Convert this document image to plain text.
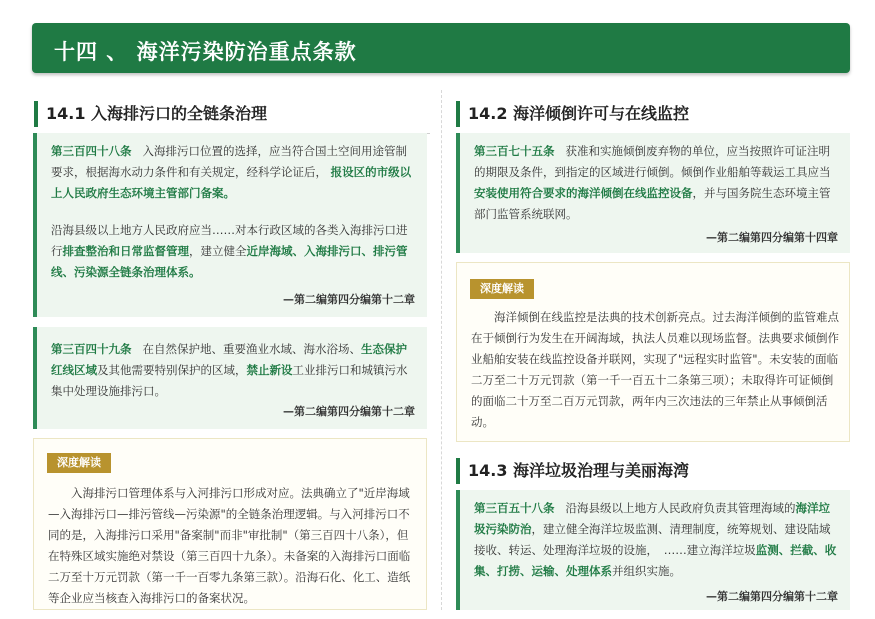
十四 、 海洋污染防治重点条款
14.1 入海排污口的全链条治理

第三百四十八条 入海排污口位置的选择，应当符合国土空间用途管制要求，根据海水动力条件和有关规定，经科学论证后， 报设区的市级以上人民政府生态环境主管部门备案。

沿海县级以上地方人民政府应当……对本行政区域的各类入海排污口进行排查整治和日常监督管理，建立健全近岸海域、入海排污口、排污管线、污染源全链条治理体系。

—第二编第四分编第十二章

第三百四十九条 在自然保护地、重要渔业水域、海水浴场、生态保护红线区域及其他需要特别保护的区域，禁止新设工业排污口和城镇污水集中处理设施排污口。

—第二编第四分编第十二章
深度解读

入海排污口管理体系与入河排污口形成对应。法典确立了"近岸海域—入海排污口—排污管线—污染源"的全链条治理逻辑。与入河排污口不同的是，入海排污口采用"备案制"而非"审批制"（第三百四十八条），但在特殊区域实施绝对禁设（第三百四十九条）。未备案的入海排污口面临二万至十万元罚款（第一千一百零九条第三款）。沿海石化、化工、造纸等企业应当核查入海排污口的备案状况。

14.2 海洋倾倒许可与在线监控

第三百七十五条 获准和实施倾倒废弃物的单位，应当按照许可证注明的期限及条件，到指定的区域进行倾倒。倾倒作业船舶等载运工具应当安装使用符合要求的海洋倾倒在线监控设备，并与国务院生态环境主管部门监管系统联网。

—第二编第四分编第十四章
深度解读

海洋倾倒在线监控是法典的技术创新亮点。过去海洋倾倒的监管难点在于倾倒行为发生在开阔海域，执法人员难以现场监督。法典要求倾倒作业船舶安装在线监控设备并联网，实现了"远程实时监管"。未安装的面临二万至二十万元罚款（第一千一百五十二条第三项）；未取得许可证倾倒的面临二十万至二百万元罚款，两年内三次违法的三年禁止从事倾倒活动。

14.3 海洋垃圾治理与美丽海湾

第三百五十八条 沿海县级以上地方人民政府负责其管理海域的海洋垃圾污染防治，建立健全海洋垃圾监测、清理制度，统筹规划、建设陆域接收、转运、处理海洋垃圾的设施，　……建立海洋垃圾监测、拦截、收集、打捞、运输、处理体系并组织实施。

—第二编第四分编第十二章
